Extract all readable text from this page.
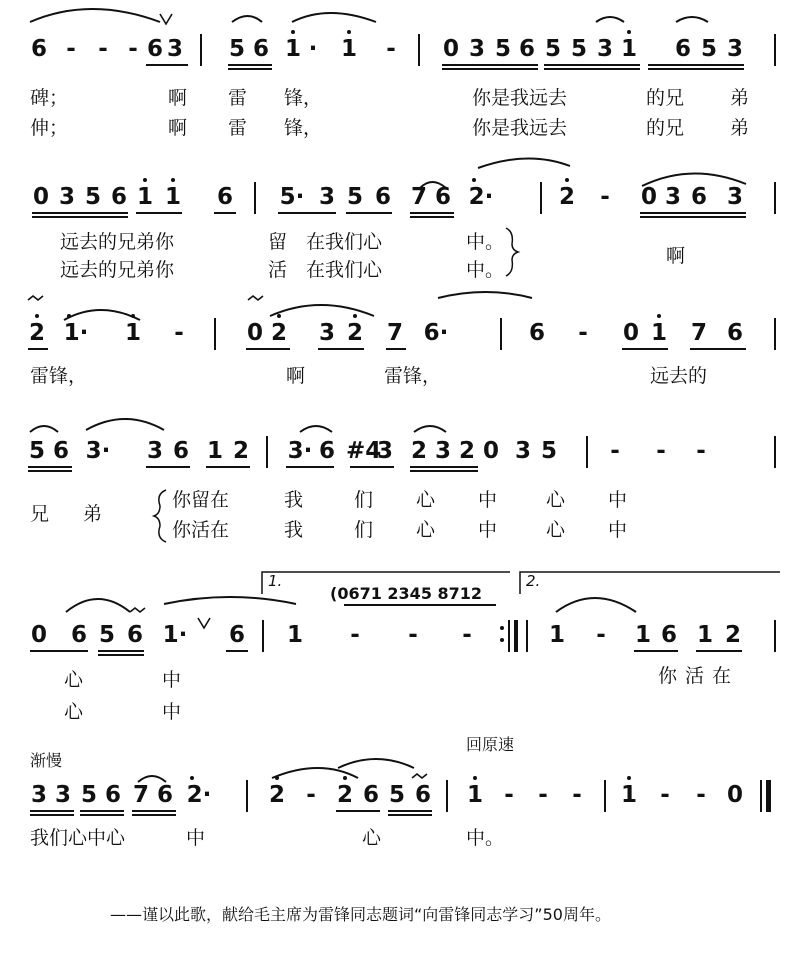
6 - - - 6 3 5 6 1 · 1 - 0 3 5 6 5 5 3 1 6 5 3
碑；	啊 雷 锋，	你是我远去	的兄 弟
伸；	啊 雷 锋，	你是我远去	的兄 弟
0 3 5 6 1 1 6 5· 3 5 6 7 6 2·	2 - 0 3 6 3
远去的兄弟你	留 在我们心	中。
远去的兄弟你	活 在我们心	中。
啊
2 1· 1 -	0 2 3 2 7 6·	6 - 0 1 7 6
雷锋，	啊	雷锋，	远去的
5 6 3· 3 6 1 2 3· 6 #4
3 2 3 2 0 3 5 - - -
兄 弟
你留在	我	们 心 中	心 中
你活在	我	们 心 中	心 中
1.	2.
(0671 2345 8712
0 6 5 6 1· 6 1 - - -	1 - 1 6 1 2
心	中	你活在
心	中
渐慢
回原速
3 3 5 6 7 6 2·	2 - 2 6 5 6 1 - - - 1 - - 0
我们心中心	中	心	中。
——谨以此歌，献给毛主席为雷锋同志题词“向雷锋同志学习”50周年。
